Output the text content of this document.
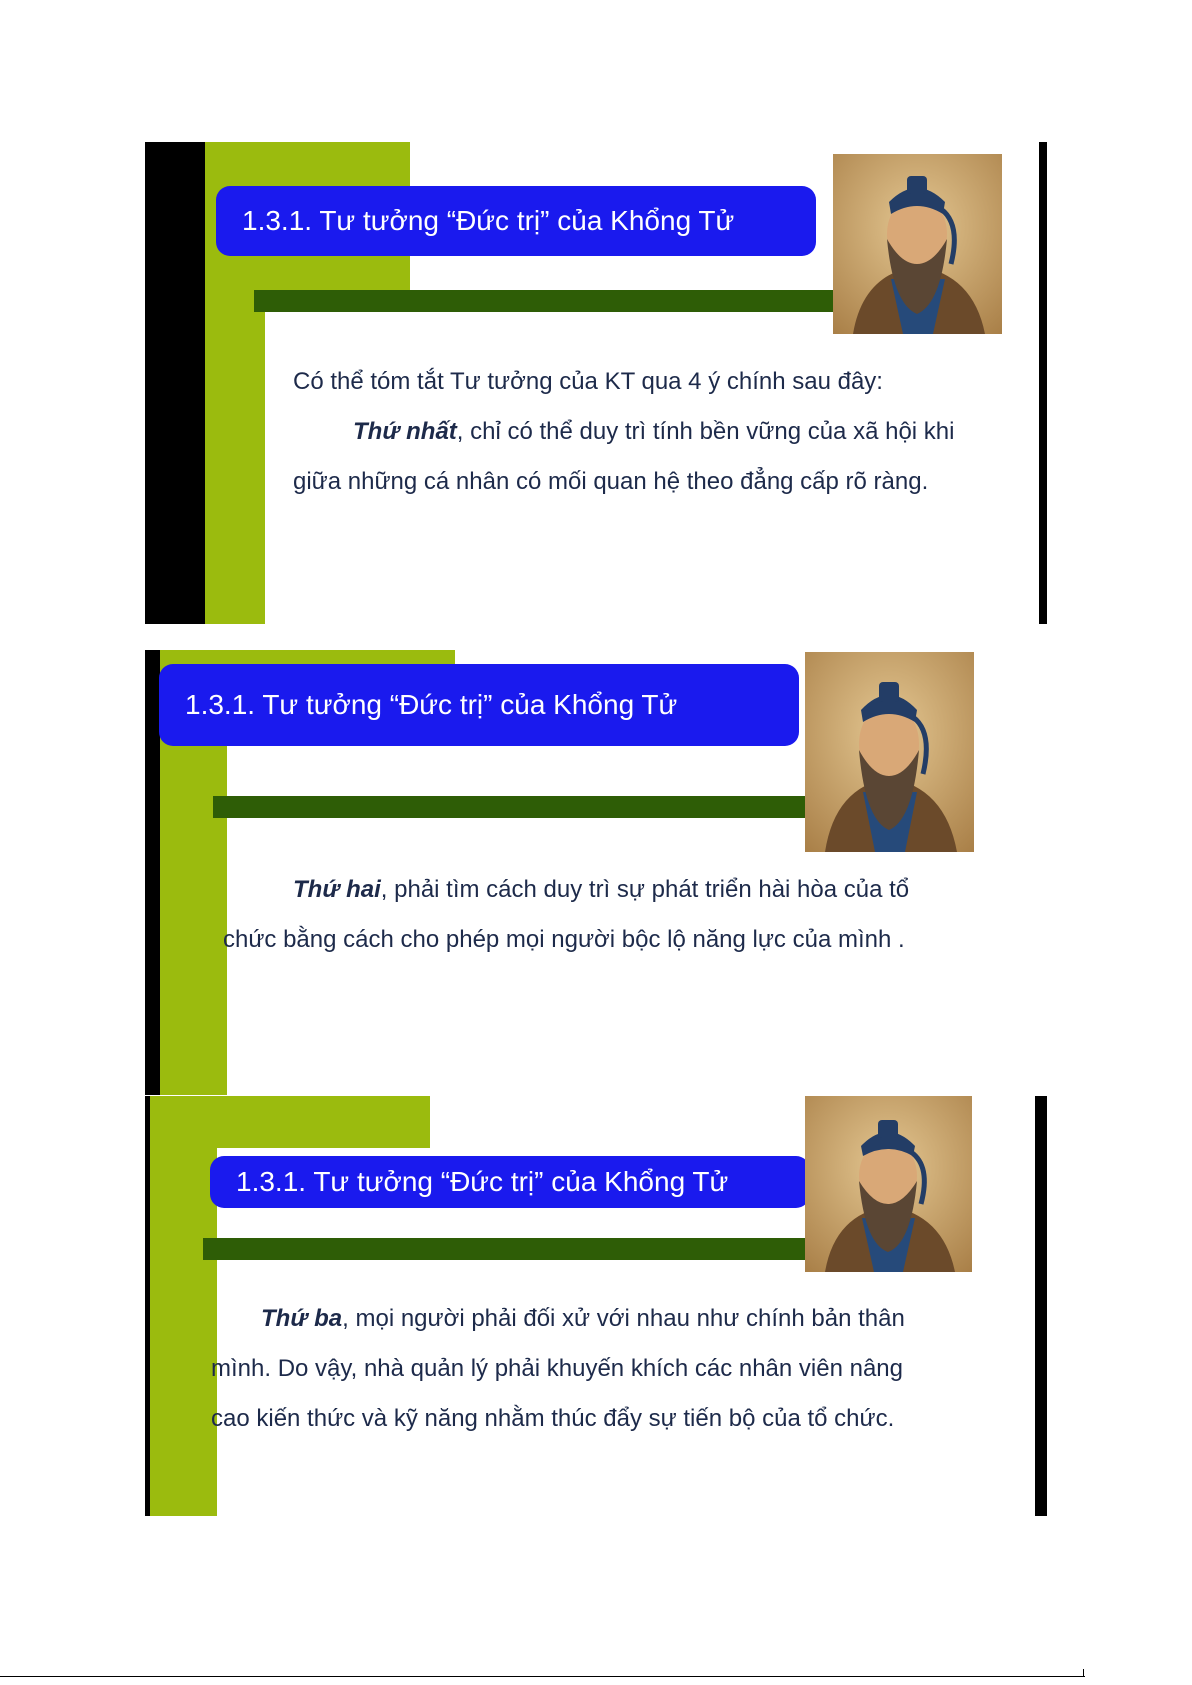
1.3.1. Tư tưởng “Đức trị” của Khổng Tử

Có thể tóm tắt Tư tưởng của KT qua 4 ý chính sau đây:

Thứ nhất, chỉ có thể duy trì tính bền vững của xã hội khi

giữa những cá nhân có mối quan hệ theo đẳng cấp rõ ràng.

1.3.1. Tư tưởng “Đức trị” của Khổng Tử

Thứ hai, phải tìm cách duy trì sự phát triển hài hòa của tổ

chức bằng cách cho phép mọi người bộc lộ năng lực của mình .

1.3.1. Tư tưởng “Đức trị” của Khổng Tử

Thứ ba, mọi người phải đối xử với nhau như chính bản thân

mình. Do vậy, nhà quản lý phải khuyến khích các nhân viên nâng

cao kiến thức và kỹ năng nhằm thúc đẩy sự tiến bộ của tổ chức.
